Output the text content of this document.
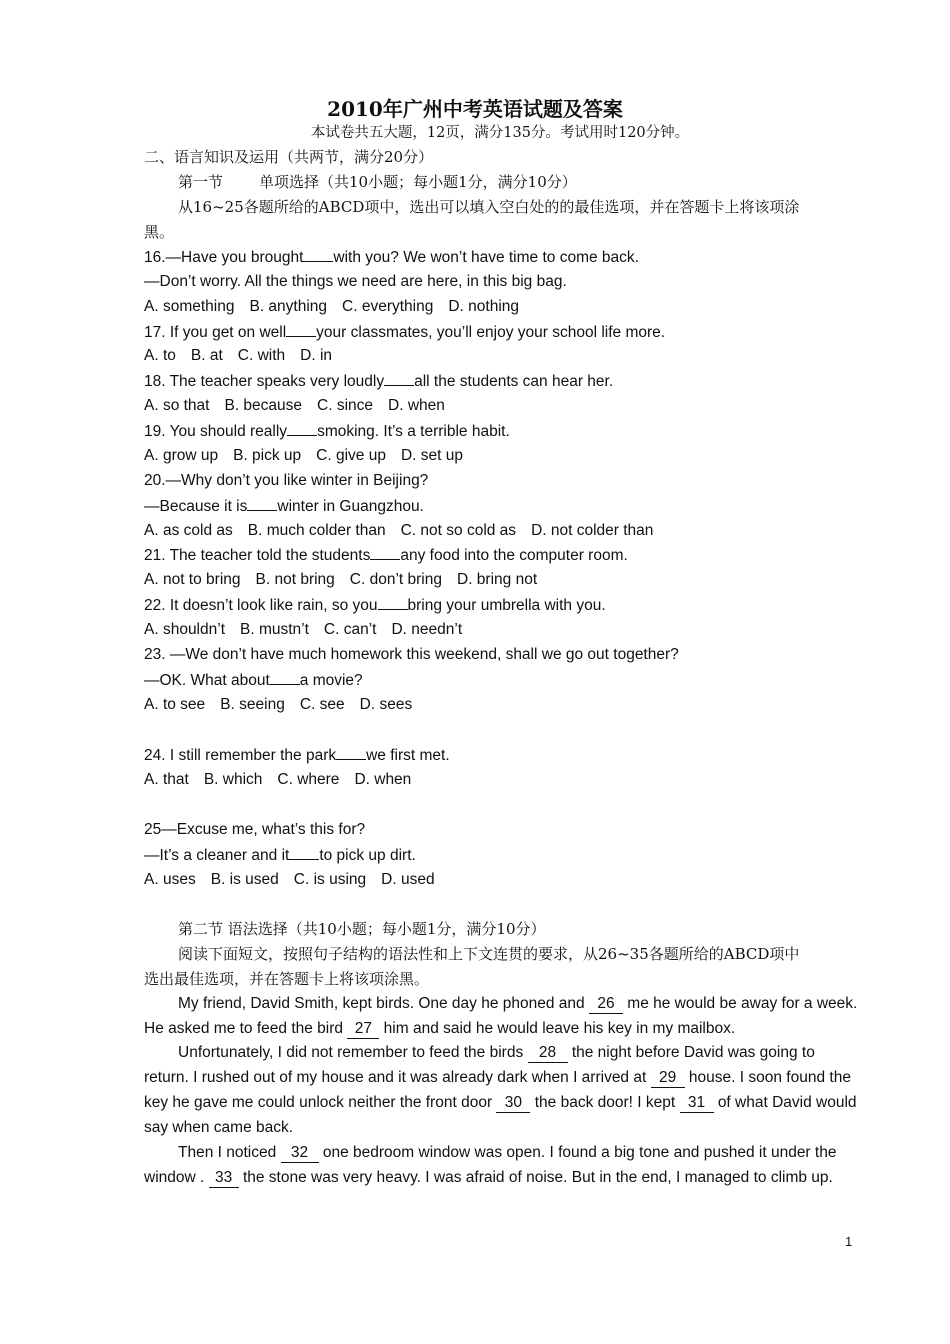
2010年广州中考英语试题及答案
本试卷共五大题，12页，满分135分。考试用时120分钟。
二、语言知识及运用（共两节，满分20分）
第一节 单项选择（共10小题；每小题1分，满分10分）
从16~25各题所给的ABCD项中，选出可以填入空白处的的最佳选项，并在答题卡上将该项涂
黑。
16.—Have you brought with you? We won’t have time to come back.
—Don’t worry. All the things we need are here, in this big bag.
A. something B. anything C. everything D. nothing
17. If you get on well your classmates, you’ll enjoy your school life more.
A. to B. at C. with D. in
18. The teacher speaks very loudly all the students can hear her.
A. so that B. because C. since D. when
19. You should really smoking. It’s a terrible habit.
A. grow up B. pick up C. give up D. set up
20.—Why don’t you like winter in Beijing?
—Because it is winter in Guangzhou.
A. as cold as B. much colder than C. not so cold as D. not colder than
21. The teacher told the students any food into the computer room.
A. not to bring B. not bring C. don’t bring D. bring not
22. It doesn’t look like rain, so you bring your umbrella with you.
A. shouldn’t B. mustn’t C. can’t D. needn’t
23. —We don’t have much homework this weekend, shall we go out together?
—OK. What about a movie?
A. to see B. seeing C. see D. sees
24. I still remember the park we first met.
A. that B. which C. where D. when
25—Excuse me, what’s this for?
—It’s a cleaner and it to pick up dirt.
A. uses B. is used C. is using D. used
第二节 语法选择（共10小题；每小题1分，满分10分）
阅读下面短文，按照句子结构的语法性和上下文连贯的要求，从26~35各题所给的ABCD项中
选出最佳选项，并在答题卡上将该项涂黑。
My friend, David Smith, kept birds. One day he phoned and 26 me he would be away for a week.
He asked me to feed the bird 27 him and said he would leave his key in my mailbox.
Unfortunately, I did not remember to feed the birds 28 the night before David was going to
return. I rushed out of my house and it was already dark when I arrived at 29 house. I soon found the
key he gave me could unlock neither the front door 30 the back door! I kept 31 of what David would
say when came back.
Then I noticed 32 one bedroom window was open. I found a big tone and pushed it under the
window . 33 the stone was very heavy. I was afraid of noise. But in the end, I managed to climb up.
1
